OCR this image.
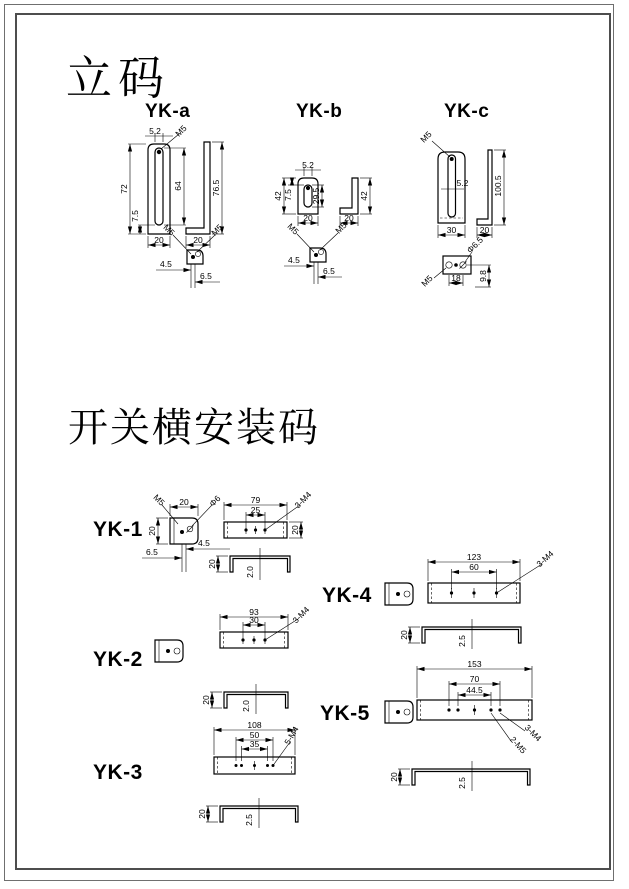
立码
开关横安装码
YK-a	YK-b	YK-c
YK-1
YK-2
YK-3
YK-4
YK-5
5.2 M5
72
7.5
64
20
76.5
20
M5	M5
4.5
6.5
5.2
42 7.5 29.5
20
42
20
M5	M5
4.5
6.5
M5
5.2
30
100.5
20
M5
Φ6.5
18 9.8
M5	Φ6
20
20
4.5
6.5
79
25	3-M4
20
20
2.0
93
30	3-M4
20
2.0
108
50
35	5-M4
20
2.5
123
60	3-M4
20
2.5
153
70
44.5
3-M4
2-M5
20
2.5
